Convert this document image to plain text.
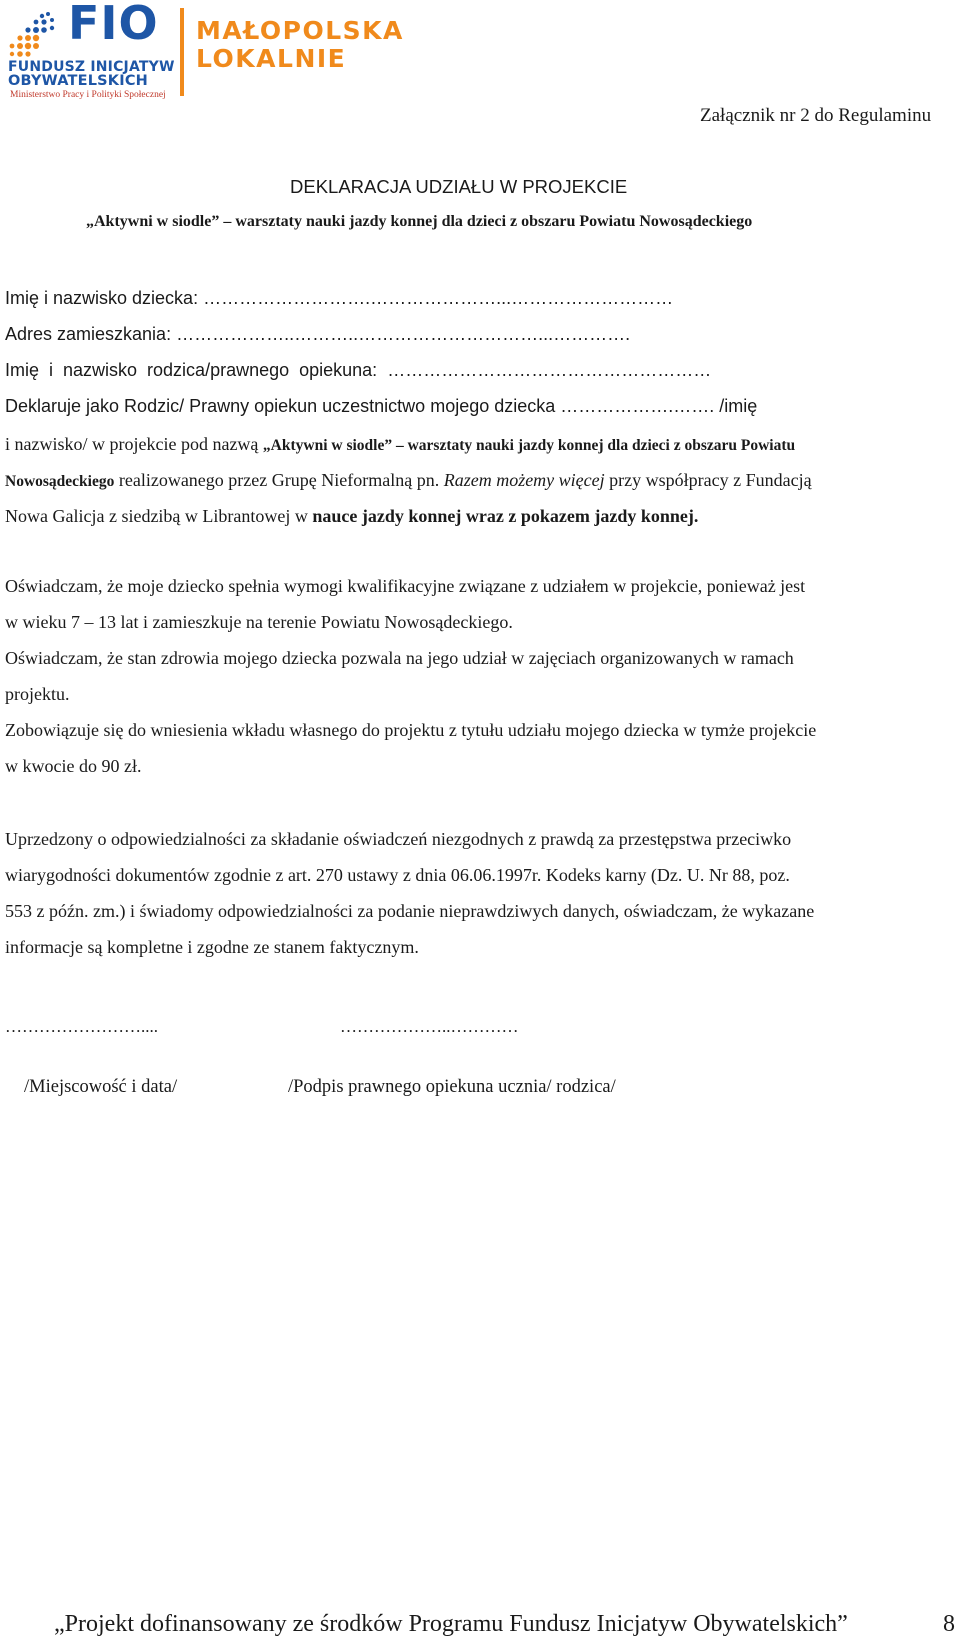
FIO
FUNDUSZ INICJATYW
OBYWATELSKICH
Ministerstwo Pracy i Polityki Społecznej
MAŁOPOLSKA
LOKALNIE
Załącznik nr 2 do Regulaminu
DEKLARACJA UDZIAŁU W PROJEKCIE
„Aktywni w siodle” – warsztaty nauki jazdy konnej dla dzieci z obszaru Powiatu Nowosądeckiego
Imię i nazwisko dziecka: ……………………….…………………...………………………
Adres zamieszkania: ………………..………..…………………………...………….
Imię i nazwisko rodzica/prawnego opiekuna: ………………………………………………
Deklaruje jako Rodzic/ Prawny opiekun uczestnictwo mojego dziecka ……………….……. /imię
i nazwisko/ w projekcie pod nazwą „Aktywni w siodle” – warsztaty nauki jazdy konnej dla dzieci z obszaru Powiatu
Nowosądeckiego realizowanego przez Grupę Nieformalną pn. Razem możemy więcej przy współpracy z Fundacją
Nowa Galicja z siedzibą w Librantowej w nauce jazdy konnej wraz z pokazem jazdy konnej.
Oświadczam, że moje dziecko spełnia wymogi kwalifikacyjne związane z udziałem w projekcie, ponieważ jest
w wieku 7 – 13 lat i zamieszkuje na terenie Powiatu Nowosądeckiego.
Oświadczam, że stan zdrowia mojego dziecka pozwala na jego udział w zajęciach organizowanych w ramach
projektu.
Zobowiązuje się do wniesienia wkładu własnego do projektu z tytułu udziału mojego dziecka w tymże projekcie
w kwocie do 90 zł.
Uprzedzony o odpowiedzialności za składanie oświadczeń niezgodnych z prawdą za przestępstwa przeciwko
wiarygodności dokumentów zgodnie z art. 270 ustawy z dnia 06.06.1997r. Kodeks karny (Dz. U. Nr 88, poz.
553 z późn. zm.) i świadomy odpowiedzialności za podanie nieprawdziwych danych, oświadczam, że wykazane
informacje są kompletne i zgodne ze stanem faktycznym.
……………………....	………………..…………
/Miejscowość i data/	/Podpis prawnego opiekuna ucznia/ rodzica/
„Projekt dofinansowany ze środków Programu Fundusz Inicjatyw Obywatelskich”	8
